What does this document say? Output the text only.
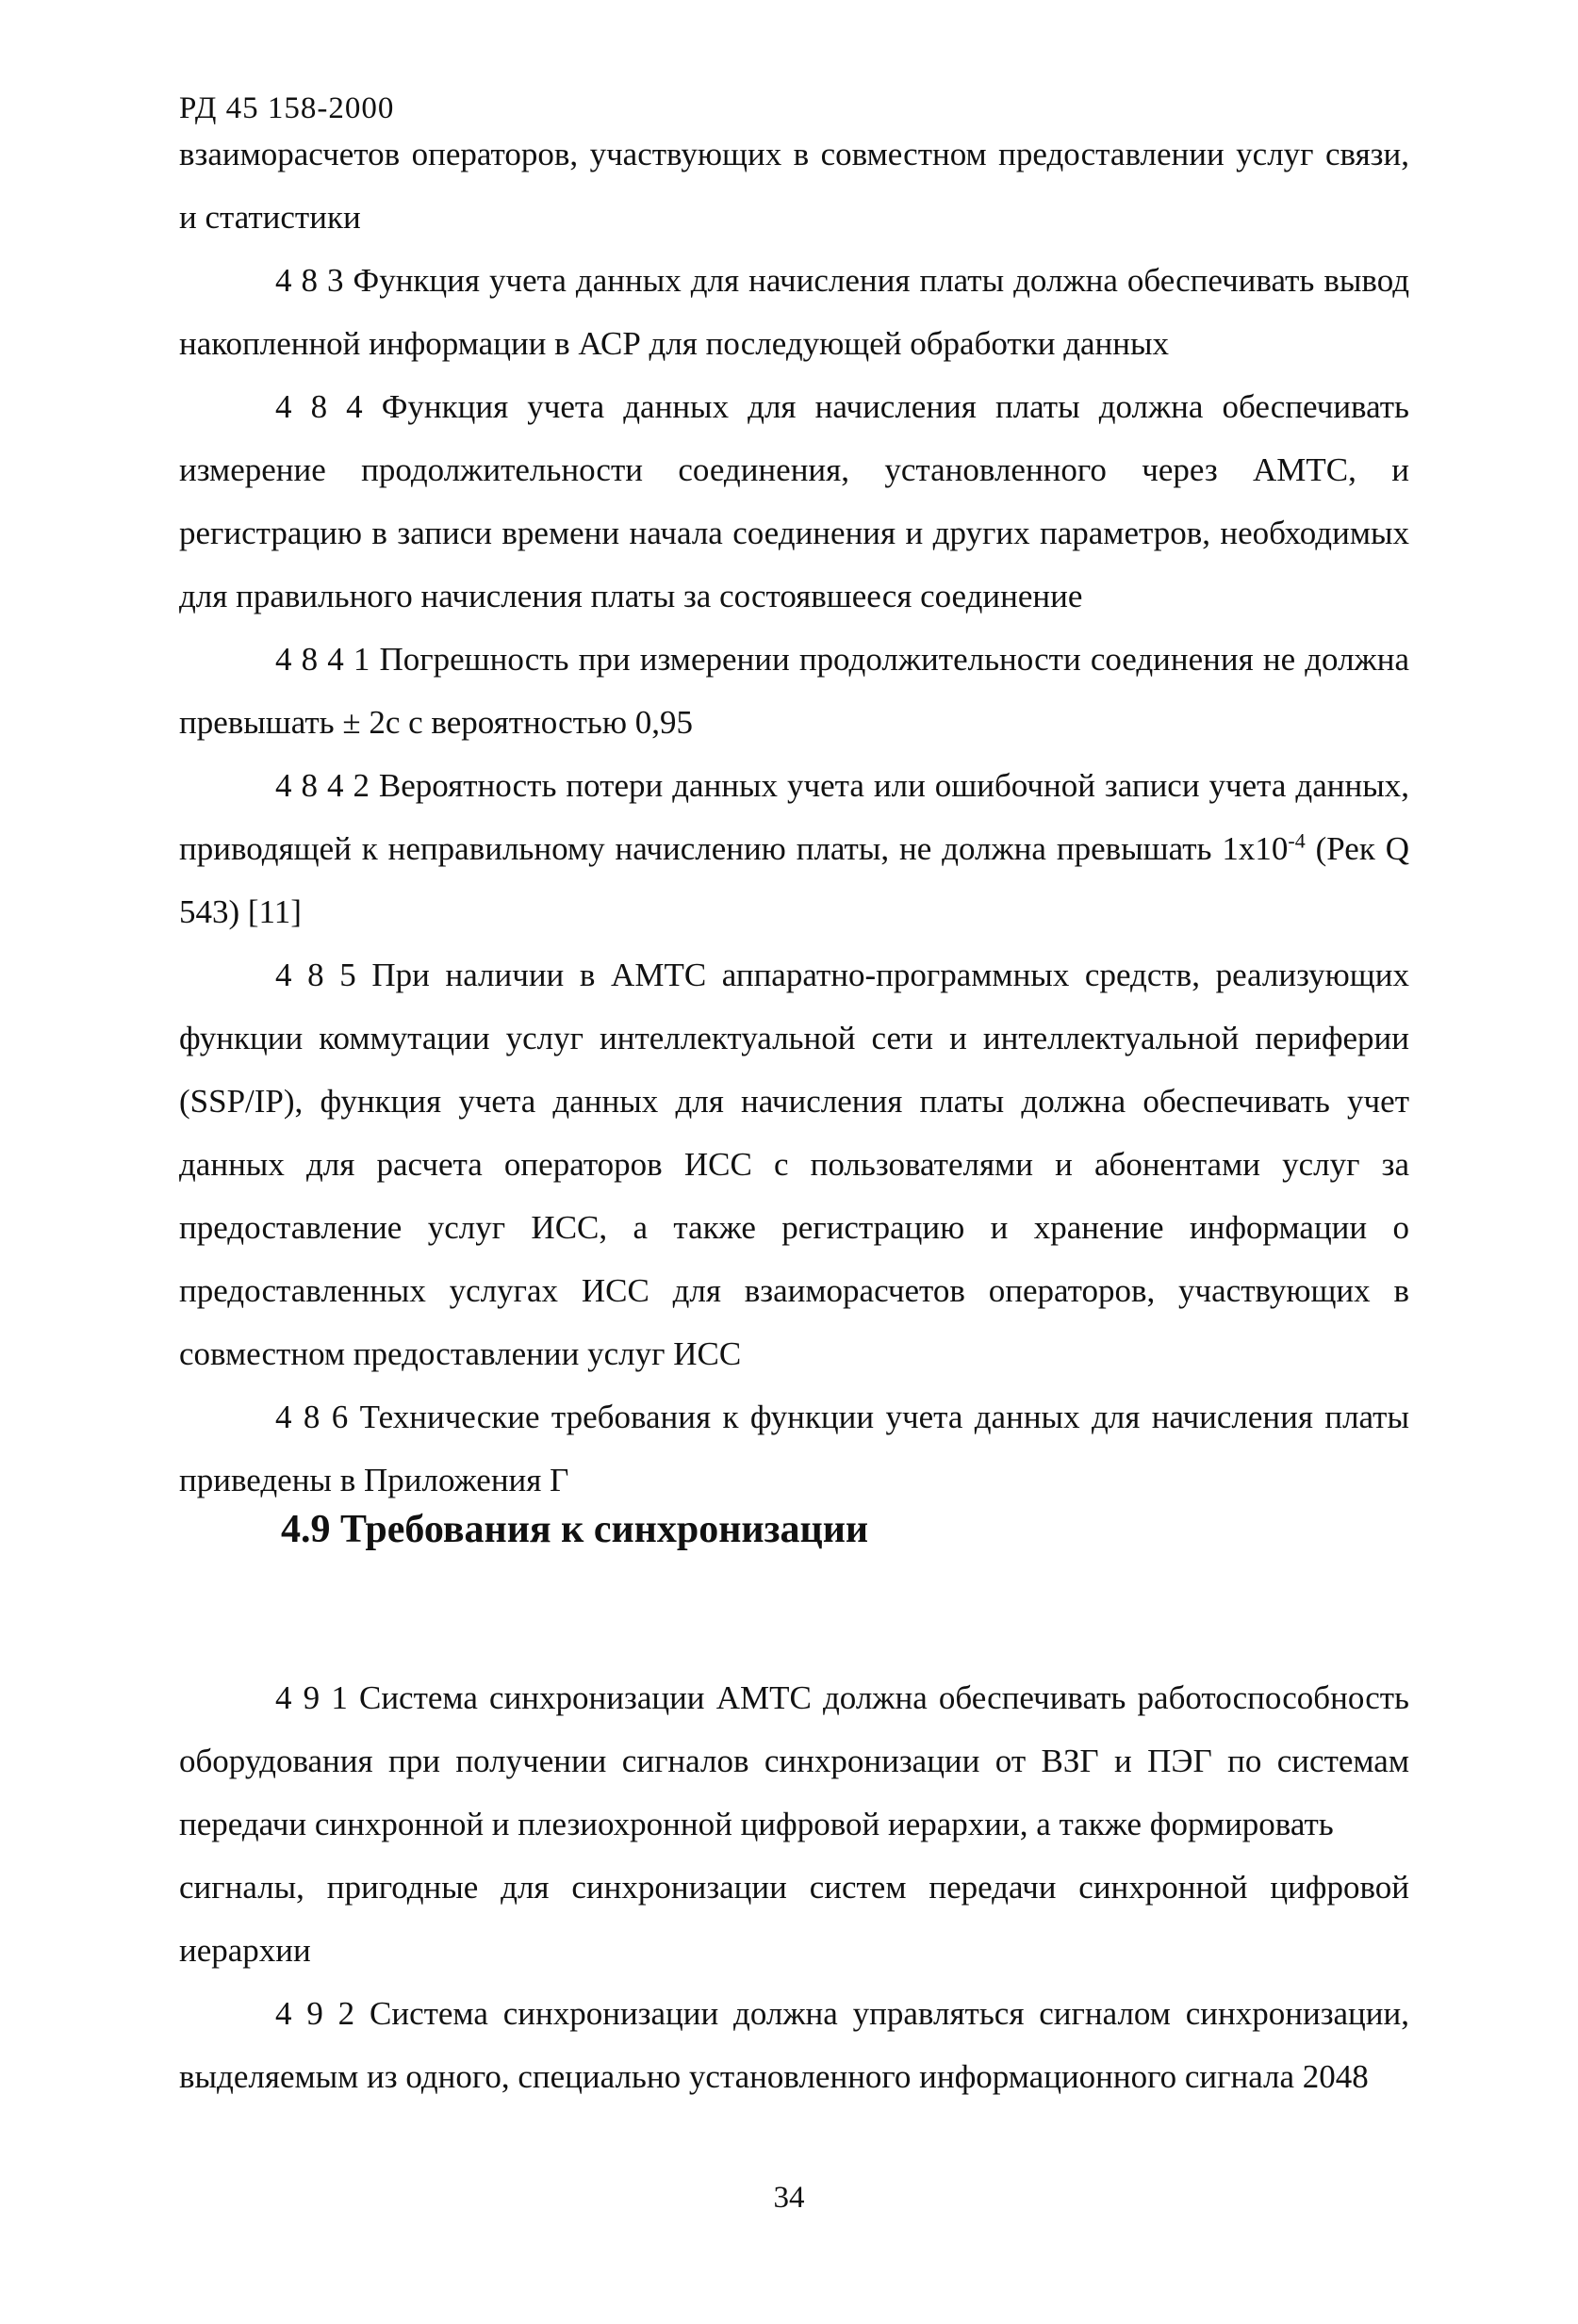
РД 45 158-2000

взаиморасчетов операторов, участвующих в совместном предоставлении услуг связи, и статистики

4 8 3 Функция учета данных для начисления платы должна обеспечивать вывод накопленной информации в АСР для последующей обработки данных

4 8 4 Функция учета данных для начисления платы должна обеспечивать измерение продолжительности соединения, установленного через АМТС, и регистрацию в записи времени начала соединения и других параметров, необходимых для правильного начисления платы за состоявшееся соединение

4 8 4 1 Погрешность при измерении продолжительности соединения не должна превышать ± 2с с вероятностью 0,95

4 8 4 2 Вероятность потери данных учета или ошибочной записи учета данных, приводящей к неправильному начислению платы, не должна превышать $1х10^{-4}$ (Рек Q 543) [11]

4 8 5 При наличии в АМТС аппаратно-программных средств, реализующих функции коммутации услуг интеллектуальной сети и интеллектуальной периферии (SSP/IP), функция учета данных для начисления платы должна обеспечивать учет данных для расчета операторов ИСС с пользователями и абонентами услуг за предоставление услуг ИСС, а также регистрацию и хранение информации о предоставленных услугах ИСС для взаиморасчетов операторов, участвующих в совместном предоставлении услуг ИСС

4 8 6 Технические требования к функции учета данных для начисления платы приведены в Приложения Г

4.9 Требования к синхронизации

4 9 1 Система синхронизации АМТС должна обеспечивать работоспособность оборудования при получении сигналов синхронизации от ВЗГ и ПЭГ по системам передачи синхронной и плезиохронной цифровой иерархии, а также формировать

сигналы, пригодные для синхронизации систем передачи синхронной цифровой иерархии

4 9 2 Система синхронизации должна управляться сигналом синхронизации, выделяемым из одного, специально установленного информационного сигнала 2048

34
